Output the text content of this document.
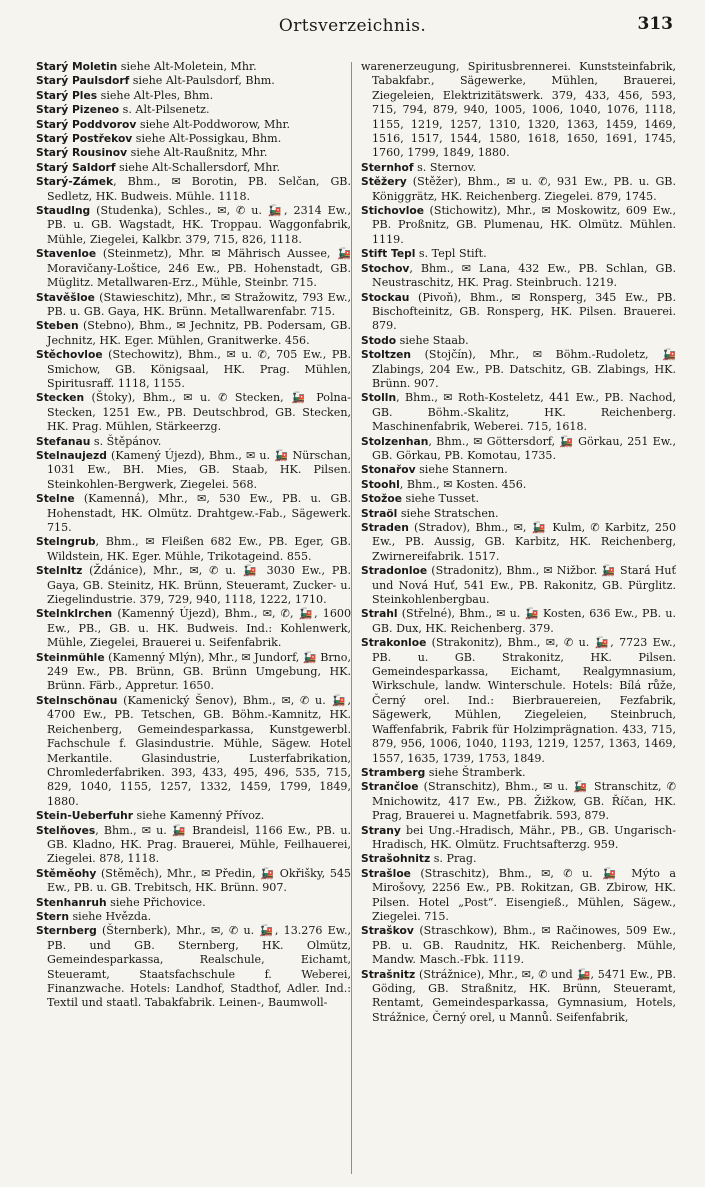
Ortsverzeichnis.	313

Starý Moletin siehe Alt-Moletein, Mhr.

Starý Paulsdorf siehe Alt-Paulsdorf, Bhm.

Starý Ples siehe Alt-Ples, Bhm.

Starý Pizeneo s. Alt-Pilsenetz.

Starý Poddvorov siehe Alt-Poddworow, Mhr.

Starý Postřekov siehe Alt-Possigkau, Bhm.

Starý Rousinov siehe Alt-Raußnitz, Mhr.

Starý Saldorf siehe Alt-Schallersdorf, Mhr.

Starý-Zámek, Bhm., ✉ Borotin, PB. Selčan, GB. Sedletz, HK. Budweis. Mühle. 1118.

Staudlng (Studenka), Schles., ✉, ✆ u. 🚂, 2314 Ew., PB. u. GB. Wagstadt, HK. Troppau. Waggonfabrik, Mühle, Ziegelei, Kalkbr. 379, 715, 826, 1118.

Stavenloe (Steinmetz), Mhr. ✉ Mährisch Aussee, 🚂 Moravičany-Loštice, 246 Ew., PB. Hohenstadt, GB. Müglitz. Metallwaren-Erz., Mühle, Steinbr. 715.

Stavěšloe (Stawieschitz), Mhr., ✉ Stražowitz, 793 Ew., PB. u. GB. Gaya, HK. Brünn. Metallwarenfabr. 715.

Steben (Stebno), Bhm., ✉ Jechnitz, PB. Podersam, GB. Jechnitz, HK. Eger. Mühlen, Granitwerke. 456.

Stěchovloe (Stechowitz), Bhm., ✉ u. ✆, 705 Ew., PB. Smichow, GB. Königsaal, HK. Prag. Mühlen, Spiritusraff. 1118, 1155.

Stecken (Štoky), Bhm., ✉ u. ✆ Stecken, 🚂 Polna-Stecken, 1251 Ew., PB. Deutschbrod, GB. Stecken, HK. Prag. Mühlen, Stärkeerzg.

Stefanau s. Štěpánov.

Stelnaujezd (Kamený Újezd), Bhm., ✉ u. 🚂 Nürschan, 1031 Ew., BH. Mies, GB. Staab, HK. Pilsen. Steinkohlen-Bergwerk, Ziegelei. 568.

Stelne (Kamenná), Mhr., ✉, 530 Ew., PB. u. GB. Hohenstadt, HK. Olmütz. Drahtgew.-Fab., Sägewerk. 715.

Stelngrub, Bhm., ✉ Fleißen 682 Ew., PB. Eger, GB. Wildstein, HK. Eger. Mühle, Trikotageind. 855.

Stelnltz (Ždánice), Mhr., ✉, ✆ u. 🚂 3030 Ew., PB. Gaya, GB. Steinitz, HK. Brünn, Steueramt, Zucker- u. Ziegelindustrie. 379, 729, 940, 1118, 1222, 1710.

Stelnklrchen (Kamenný Újezd), Bhm., ✉, ✆, 🚂, 1600 Ew., PB., GB. u. HK. Budweis. Ind.: Kohlenwerk, Mühle, Ziegelei, Brauerei u. Seifenfabrik.

Steinmühle (Kamenný Mlýn), Mhr., ✉ Jundorf, 🚂 Brno, 249 Ew., PB. Brünn, GB. Brünn Umgebung, HK. Brünn. Färb., Appretur. 1650.

Stelnschönau (Kamenický Šenov), Bhm., ✉, ✆ u. 🚂, 4700 Ew., PB. Tetschen, GB. Böhm.-Kamnitz, HK. Reichenberg, Gemeindesparkassa, Kunstgewerbl. Fachschule f. Glasindustrie. Mühle, Sägew. Hotel Merkantile. Glasindustrie, Lusterfabrikation, Chromlederfabriken. 393, 433, 495, 496, 535, 715, 829, 1040, 1155, 1257, 1332, 1459, 1799, 1849, 1880.

Stein-Ueberfuhr siehe Kamenný Přívoz.

Stelňoves, Bhm., ✉ u. 🚂 Brandeisl, 1166 Ew., PB. u. GB. Kladno, HK. Prag. Brauerei, Mühle, Feilhauerei, Ziegelei. 878, 1118.

Stěměohy (Stěměch), Mhr., ✉ Předin, 🚂 Okřišky, 545 Ew., PB. u. GB. Trebitsch, HK. Brünn. 907.

Stenhanruh siehe Přichovice.

Stern siehe Hvězda.

Sternberg (Šternberk), Mhr., ✉, ✆ u. 🚂, 13.276 Ew., PB. und GB. Sternberg, HK. Olmütz, Gemeindesparkassa, Realschule, Eichamt, Steueramt, Staatsfachschule f. Weberei, Finanzwache. Hotels: Landhof, Stadthof, Adler. Ind.: Textil und staatl. Tabakfabrik. Leinen-, Baumwoll-

warenerzeugung, Spiritusbrennerei. Kunststeinfabrik, Tabakfabr., Sägewerke, Mühlen, Brauerei, Ziegeleien, Elektrizitätswerk. 379, 433, 456, 593, 715, 794, 879, 940, 1005, 1006, 1040, 1076, 1118, 1155, 1219, 1257, 1310, 1320, 1363, 1459, 1469, 1516, 1517, 1544, 1580, 1618, 1650, 1691, 1745, 1760, 1799, 1849, 1880.

Sternhof s. Sternov.

Stěžery (Stěžer), Bhm., ✉ u. ✆, 931 Ew., PB. u. GB. Königgrätz, HK. Reichenberg. Ziegelei. 879, 1745.

Stichovloe (Stichowitz), Mhr., ✉ Moskowitz, 609 Ew., PB. Proßnitz, GB. Plumenau, HK. Olmütz. Mühlen. 1119.

Stift Tepl s. Tepl Stift.

Stochov, Bhm., ✉ Lana, 432 Ew., PB. Schlan, GB. Neustraschitz, HK. Prag. Steinbruch. 1219.

Stockau (Pivoň), Bhm., ✉ Ronsperg, 345 Ew., PB. Bischofteinitz, GB. Ronsperg, HK. Pilsen. Brauerei. 879.

Stodo siehe Staab.

Stoltzen (Stojčín), Mhr., ✉ Böhm.-Rudoletz, 🚂 Zlabings, 204 Ew., PB. Datschitz, GB. Zlabings, HK. Brünn. 907.

Stolln, Bhm., ✉ Roth-Kosteletz, 441 Ew., PB. Nachod, GB. Böhm.-Skalitz, HK. Reichenberg. Maschinenfabrik, Weberei. 715, 1618.

Stolzenhan, Bhm., ✉ Göttersdorf, 🚂 Görkau, 251 Ew., GB. Görkau, PB. Komotau, 1735.

Stonařov siehe Stannern.

Stoohl, Bhm., ✉ Kosten. 456.

Stožoe siehe Tusset.

Straöl siehe Stratschen.

Straden (Stradov), Bhm., ✉, 🚂 Kulm, ✆ Karbitz, 250 Ew., PB. Aussig, GB. Karbitz, HK. Reichenberg, Zwirnereifabrik. 1517.

Stradonloe (Stradonitz), Bhm., ✉ Nižbor. 🚂 Stará Huť und Nová Huť, 541 Ew., PB. Rakonitz, GB. Pürglitz. Steinkohlenbergbau.

Strahl (Střelné), Bhm., ✉ u. 🚂 Kosten, 636 Ew., PB. u. GB. Dux, HK. Reichenberg. 379.

Strakonloe (Strakonitz), Bhm., ✉, ✆ u. 🚂, 7723 Ew., PB. u. GB. Strakonitz, HK. Pilsen. Gemeindesparkassa, Eichamt, Realgymnasium, Wirkschule, landw. Winterschule. Hotels: Bílá růže, Černý orel. Ind.: Bierbrauereien, Fezfabrik, Sägewerk, Mühlen, Ziegeleien, Steinbruch, Waffenfabrik, Fabrik für Holzimprägnation. 433, 715, 879, 956, 1006, 1040, 1193, 1219, 1257, 1363, 1469, 1557, 1635, 1739, 1753, 1849.

Stramberg siehe Štramberk.

Strančloe (Stranschitz), Bhm., ✉ u. 🚂 Stranschitz, ✆ Mnichowitz, 417 Ew., PB. Žižkow, GB. Říčan, HK. Prag, Brauerei u. Magnetfabrik. 593, 879.

Strany bei Ung.-Hradisch, Mähr., PB., GB. Ungarisch-Hradisch, HK. Olmütz. Fruchtsafterzg. 959.

Strašohnitz s. Prag.

Strašloe (Straschitz), Bhm., ✉, ✆ u. 🚂 Mýto a Mirošovy, 2256 Ew., PB. Rokitzan, GB. Zbirow, HK. Pilsen. Hotel „Post“. Eisengieß., Mühlen, Sägew., Ziegelei. 715.

Straškov (Straschkow), Bhm., ✉ Račinowes, 509 Ew., PB. u. GB. Raudnitz, HK. Reichenberg. Mühle, Mandw. Masch.-Fbk. 1119.

Strašnitz (Strážnice), Mhr., ✉, ✆ und 🚂, 5471 Ew., PB. Göding, GB. Straßnitz, HK. Brünn, Steueramt, Rentamt, Gemeindesparkassa, Gymnasium, Hotels, Strážnice, Černý orel, u Mannů. Seifenfabrik,
